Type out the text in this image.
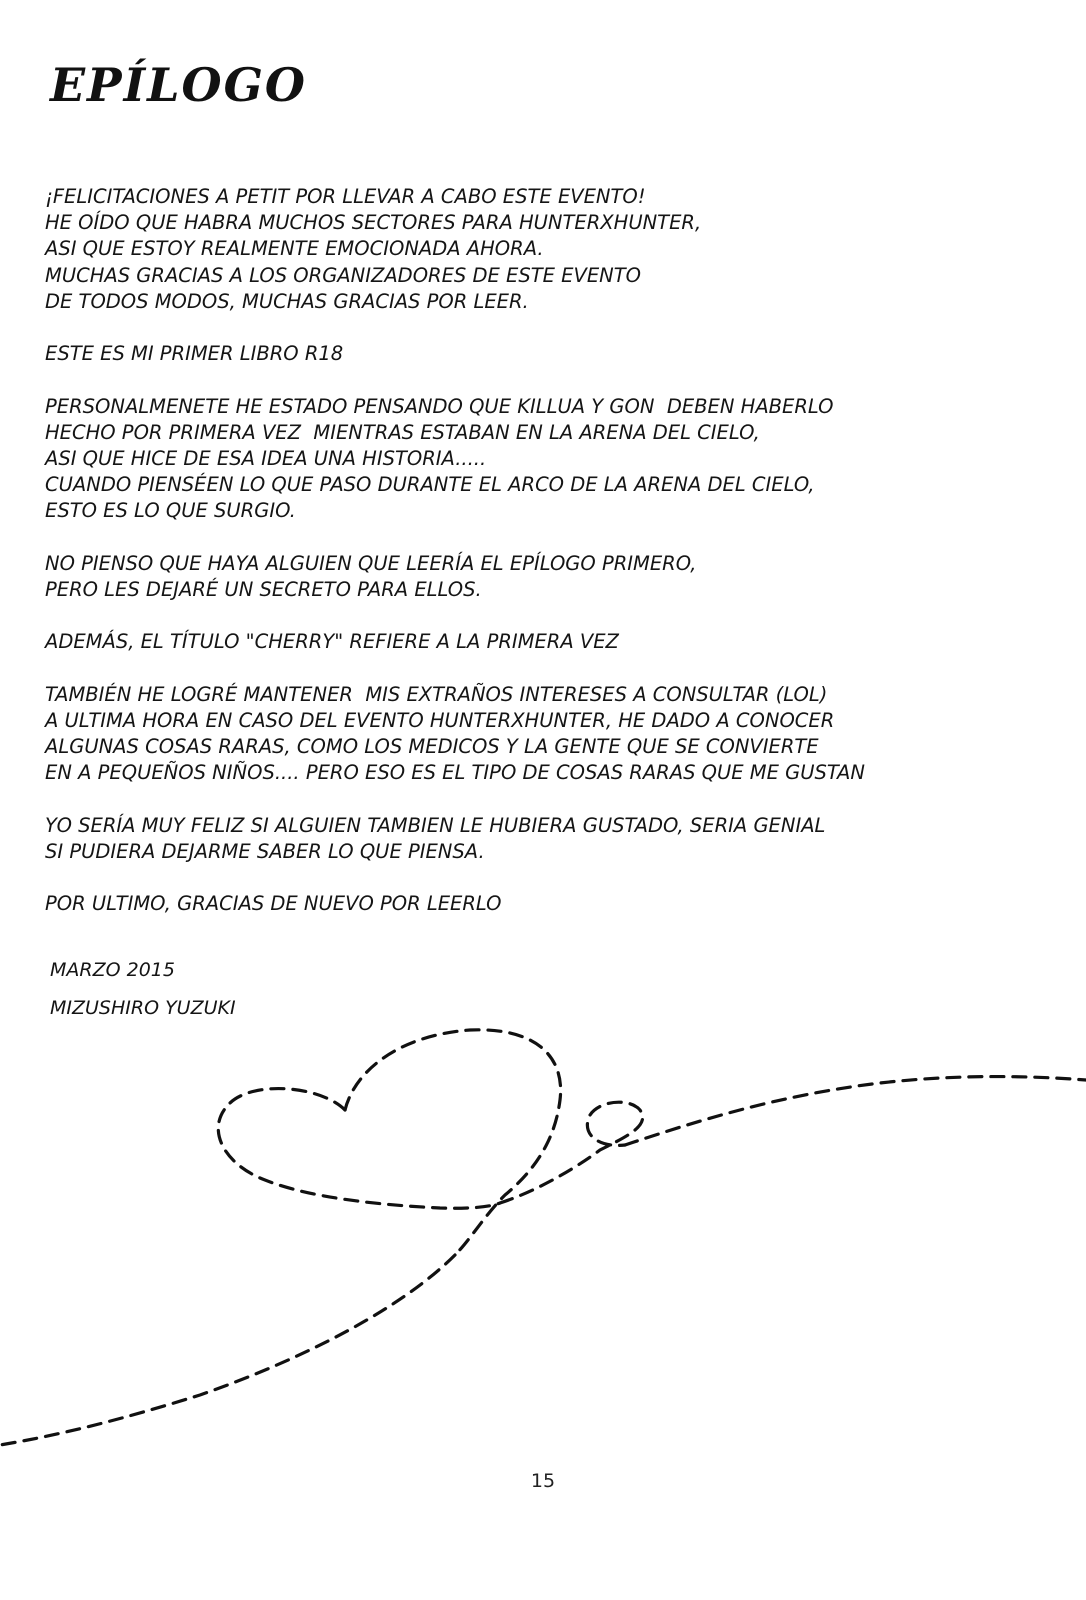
EPÍLOGO

¡FELICITACIONES A PETIT POR LLEVAR A CABO ESTE EVENTO!
HE OÍDO QUE HABRA MUCHOS SECTORES PARA HUNTERXHUNTER,
ASI QUE ESTOY REALMENTE EMOCIONADA AHORA.
MUCHAS GRACIAS A LOS ORGANIZADORES DE ESTE EVENTO
DE TODOS MODOS, MUCHAS GRACIAS POR LEER.

ESTE ES MI PRIMER LIBRO R18

PERSONALMENETE HE ESTADO PENSANDO QUE KILLUA Y GON  DEBEN HABERLO
HECHO POR PRIMERA VEZ  MIENTRAS ESTABAN EN LA ARENA DEL CIELO,
ASI QUE HICE DE ESA IDEA UNA HISTORIA.....
CUANDO PIENSÉEN LO QUE PASO DURANTE EL ARCO DE LA ARENA DEL CIELO,
ESTO ES LO QUE SURGIO.

NO PIENSO QUE HAYA ALGUIEN QUE LEERÍA EL EPÍLOGO PRIMERO,
PERO LES DEJARÉ UN SECRETO PARA ELLOS.

ADEMÁS, EL TÍTULO "CHERRY" REFIERE A LA PRIMERA VEZ

TAMBIÉN HE LOGRÉ MANTENER  MIS EXTRAÑOS INTERESES A CONSULTAR (LOL)
A ULTIMA HORA EN CASO DEL EVENTO HUNTERXHUNTER, HE DADO A CONOCER
ALGUNAS COSAS RARAS, COMO LOS MEDICOS Y LA GENTE QUE SE CONVIERTE
EN A PEQUEÑOS NIÑOS.... PERO ESO ES EL TIPO DE COSAS RARAS QUE ME GUSTAN

YO SERÍA MUY FELIZ SI ALGUIEN TAMBIEN LE HUBIERA GUSTADO, SERIA GENIAL
SI PUDIERA DEJARME SABER LO QUE PIENSA.

POR ULTIMO, GRACIAS DE NUEVO POR LEERLO

MARZO 2015
MIZUSHIRO YUZUKI
15
